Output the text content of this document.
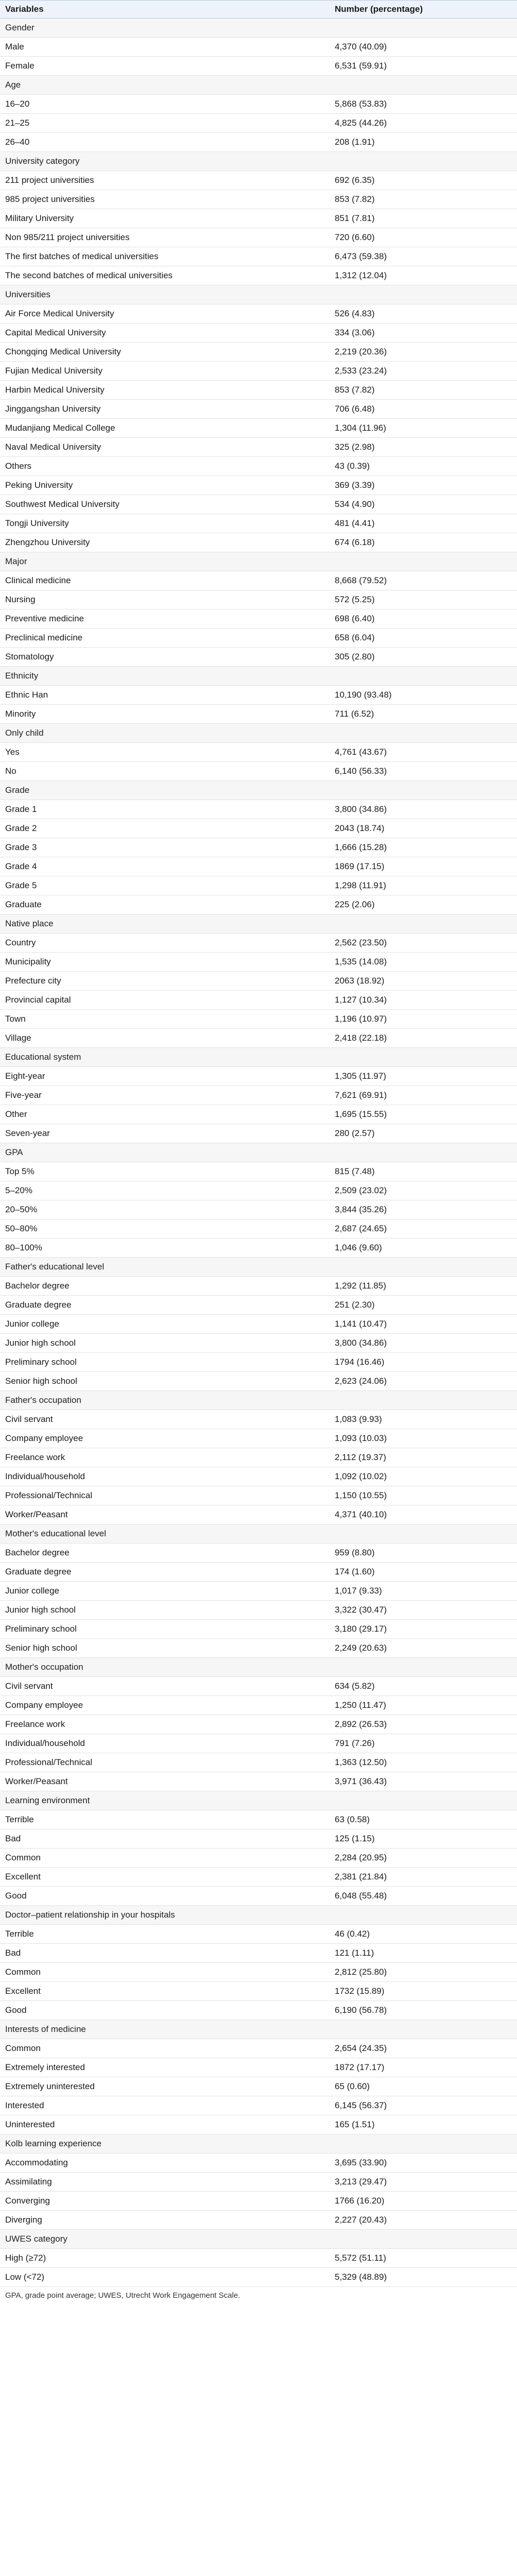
Variables	Number (percentage)
Gender	
Male	4,370 (40.09)
Female	6,531 (59.91)
Age	
16–20	5,868 (53.83)
21–25	4,825 (44.26)
26–40	208 (1.91)
University category	
211 project universities	692 (6.35)
985 project universities	853 (7.82)
Military University	851 (7.81)
Non 985/211 project universities	720 (6.60)
The first batches of medical universities	6,473 (59.38)
The second batches of medical universities	1,312 (12.04)
Universities	
Air Force Medical University	526 (4.83)
Capital Medical University	334 (3.06)
Chongqing Medical University	2,219 (20.36)
Fujian Medical University	2,533 (23.24)
Harbin Medical University	853 (7.82)
Jinggangshan University	706 (6.48)
Mudanjiang Medical College	1,304 (11.96)
Naval Medical University	325 (2.98)
Others	43 (0.39)
Peking University	369 (3.39)
Southwest Medical University	534 (4.90)
Tongji University	481 (4.41)
Zhengzhou University	674 (6.18)
Major	
Clinical medicine	8,668 (79.52)
Nursing	572 (5.25)
Preventive medicine	698 (6.40)
Preclinical medicine	658 (6.04)
Stomatology	305 (2.80)
Ethnicity	
Ethnic Han	10,190 (93.48)
Minority	711 (6.52)
Only child	
Yes	4,761 (43.67)
No	6,140 (56.33)
Grade	
Grade 1	3,800 (34.86)
Grade 2	2043 (18.74)
Grade 3	1,666 (15.28)
Grade 4	1869 (17.15)
Grade 5	1,298 (11.91)
Graduate	225 (2.06)
Native place	
Country	2,562 (23.50)
Municipality	1,535 (14.08)
Prefecture city	2063 (18.92)
Provincial capital	1,127 (10.34)
Town	1,196 (10.97)
Village	2,418 (22.18)
Educational system	
Eight-year	1,305 (11.97)
Five-year	7,621 (69.91)
Other	1,695 (15.55)
Seven-year	280 (2.57)
GPA	
Top 5%	815 (7.48)
5–20%	2,509 (23.02)
20–50%	3,844 (35.26)
50–80%	2,687 (24.65)
80–100%	1,046 (9.60)
Father's educational level	
Bachelor degree	1,292 (11.85)
Graduate degree	251 (2.30)
Junior college	1,141 (10.47)
Junior high school	3,800 (34.86)
Preliminary school	1794 (16.46)
Senior high school	2,623 (24.06)
Father's occupation	
Civil servant	1,083 (9.93)
Company employee	1,093 (10.03)
Freelance work	2,112 (19.37)
Individual/household	1,092 (10.02)
Professional/Technical	1,150 (10.55)
Worker/Peasant	4,371 (40.10)
Mother's educational level	
Bachelor degree	959 (8.80)
Graduate degree	174 (1.60)
Junior college	1,017 (9.33)
Junior high school	3,322 (30.47)
Preliminary school	3,180 (29.17)
Senior high school	2,249 (20.63)
Mother's occupation	
Civil servant	634 (5.82)
Company employee	1,250 (11.47)
Freelance work	2,892 (26.53)
Individual/household	791 (7.26)
Professional/Technical	1,363 (12.50)
Worker/Peasant	3,971 (36.43)
Learning environment	
Terrible	63 (0.58)
Bad	125 (1.15)
Common	2,284 (20.95)
Excellent	2,381 (21.84)
Good	6,048 (55.48)
Doctor–patient relationship in your hospitals	
Terrible	46 (0.42)
Bad	121 (1.11)
Common	2,812 (25.80)
Excellent	1732 (15.89)
Good	6,190 (56.78)
Interests of medicine	
Common	2,654 (24.35)
Extremely interested	1872 (17.17)
Extremely uninterested	65 (0.60)
Interested	6,145 (56.37)
Uninterested	165 (1.51)
Kolb learning experience	
Accommodating	3,695 (33.90)
Assimilating	3,213 (29.47)
Converging	1766 (16.20)
Diverging	2,227 (20.43)
UWES category	
High (≥72)	5,572 (51.11)
Low (<72)	5,329 (48.89)
GPA, grade point average; UWES, Utrecht Work Engagement Scale.
